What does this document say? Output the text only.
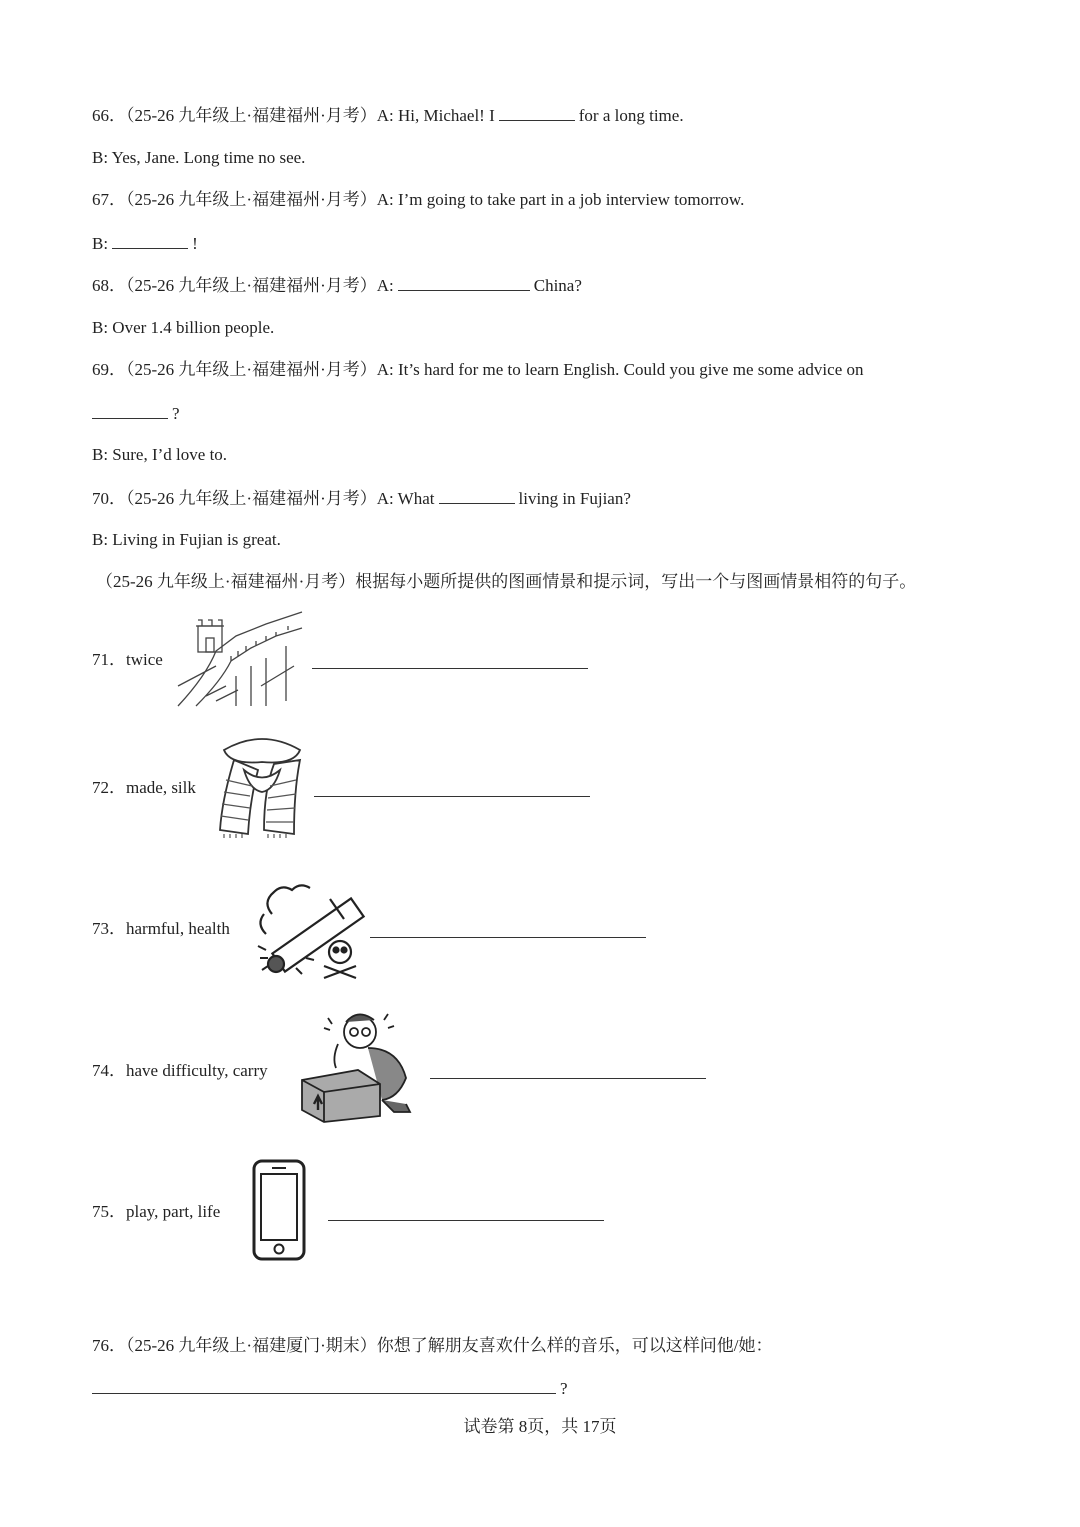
66．（25-26 九年级上·福建福州·月考）A: Hi, Michael! I	for a long time.
B: Yes, Jane. Long time no see.
67．（25-26 九年级上·福建福州·月考）A: I’m going to take part in a job interview tomorrow.
B:	!
68．（25-26 九年级上·福建福州·月考）A:	China?
B: Over 1.4 billion people.
69．（25-26 九年级上·福建福州·月考）A: It’s hard for me to learn English. Could you give me some advice on
?
B: Sure, I’d love to.
70．（25-26 九年级上·福建福州·月考）A: What	living in Fujian?
B: Living in Fujian is great.
（25-26 九年级上·福建福州·月考）根据每小题所提供的图画情景和提示词，写出一个与图画情景相符的句子。
71．twice
72．made, silk
73．harmful, health
74．have difficulty, carry
75．play, part, life
76．（25-26 九年级上·福建厦门·期末）你想了解朋友喜欢什么样的音乐，可以这样问他/她：
?
试卷第 8页，共 17页
